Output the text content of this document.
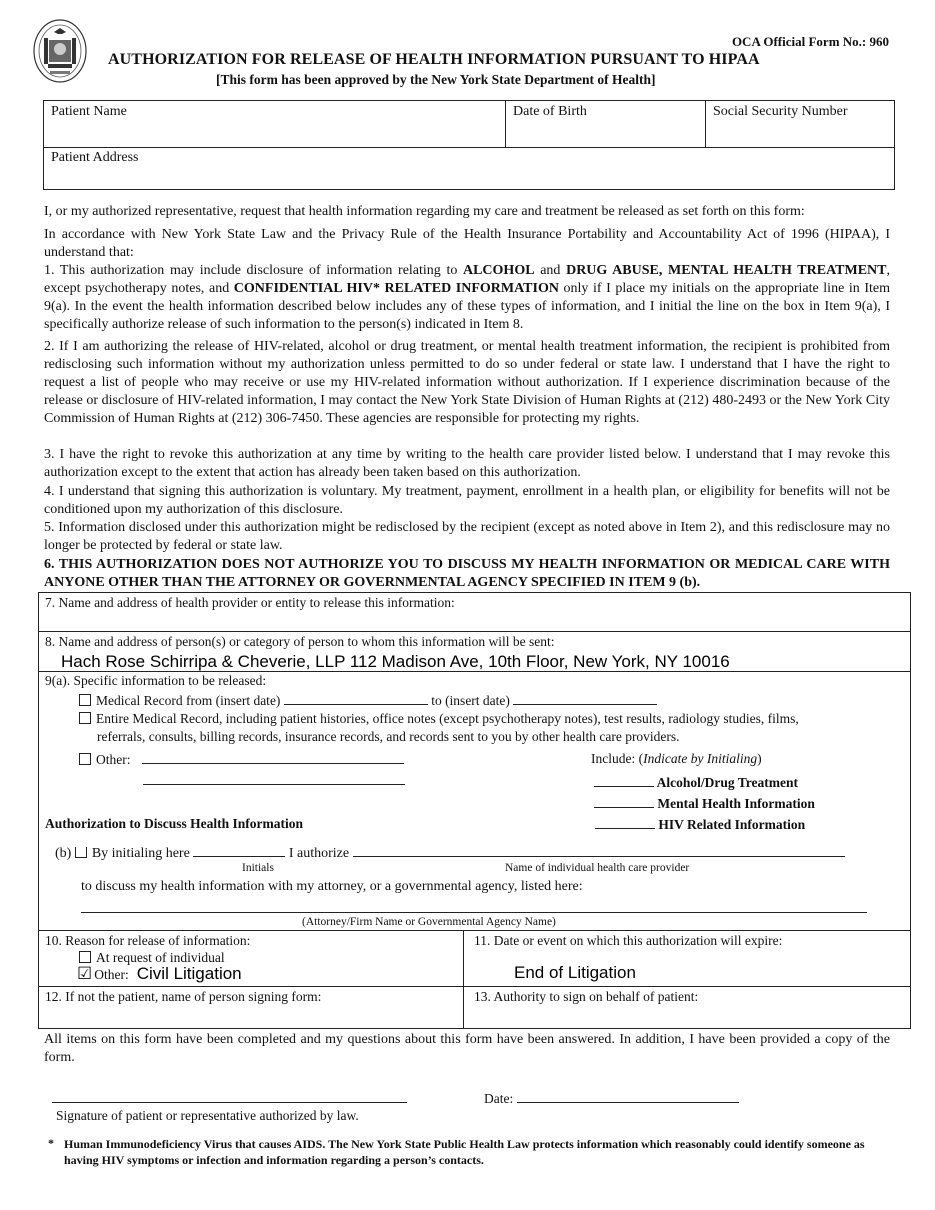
OCA Official Form No.: 960
AUTHORIZATION FOR RELEASE OF HEALTH INFORMATION PURSUANT TO HIPAA
[This form has been approved by the New York State Department of Health]
Patient Name	Date of Birth	Social Security Number
Patient Address
I, or my authorized representative, request that health information regarding my care and treatment be released as set forth on this form:
In accordance with New York State Law and the Privacy Rule of the Health Insurance Portability and Accountability Act of 1996 (HIPAA), I understand that:
1. This authorization may include disclosure of information relating to ALCOHOL and DRUG ABUSE, MENTAL HEALTH TREATMENT, except psychotherapy notes, and CONFIDENTIAL HIV* RELATED INFORMATION only if I place my initials on the appropriate line in Item 9(a). In the event the health information described below includes any of these types of information, and I initial the line on the box in Item 9(a), I specifically authorize release of such information to the person(s) indicated in Item 8.
2. If I am authorizing the release of HIV-related, alcohol or drug treatment, or mental health treatment information, the recipient is prohibited from redisclosing such information without my authorization unless permitted to do so under federal or state law. I understand that I have the right to request a list of people who may receive or use my HIV-related information without authorization. If I experience discrimination because of the release or disclosure of HIV-related information, I may contact the New York State Division of Human Rights at (212) 480-2493 or the New York City Commission of Human Rights at (212) 306-7450. These agencies are responsible for protecting my rights.
3. I have the right to revoke this authorization at any time by writing to the health care provider listed below. I understand that I may revoke this authorization except to the extent that action has already been taken based on this authorization.
4. I understand that signing this authorization is voluntary. My treatment, payment, enrollment in a health plan, or eligibility for benefits will not be conditioned upon my authorization of this disclosure.
5. Information disclosed under this authorization might be redisclosed by the recipient (except as noted above in Item 2), and this redisclosure may no longer be protected by federal or state law.
6. THIS AUTHORIZATION DOES NOT AUTHORIZE YOU TO DISCUSS MY HEALTH INFORMATION OR MEDICAL CARE WITH ANYONE OTHER THAN THE ATTORNEY OR GOVERNMENTAL AGENCY SPECIFIED IN ITEM 9 (b).
7. Name and address of health provider or entity to release this information:
8. Name and address of person(s) or category of person to whom this information will be sent:
Hach Rose Schirripa & Cheverie, LLP 112 Madison Ave, 10th Floor, New York, NY 10016
9(a). Specific information to be released:
Medical Record from (insert date)	to (insert date)
Entire Medical Record, including patient histories, office notes (except psychotherapy notes), test results, radiology studies, films,
referrals, consults, billing records, insurance records, and records sent to you by other health care providers.
Other:	Include: (Indicate by Initialing)
Alcohol/Drug Treatment
Mental Health Information
HIV Related Information
Authorization to Discuss Health Information
(b) By initialing here	I authorize
Initials	Name of individual health care provider
to discuss my health information with my attorney, or a governmental agency, listed here:
(Attorney/Firm Name or Governmental Agency Name)
10. Reason for release of information:
At request of individual
☑ Other: Civil Litigation
11. Date or event on which this authorization will expire:
End of Litigation
12. If not the patient, name of person signing form:	13. Authority to sign on behalf of patient:
All items on this form have been completed and my questions about this form have been answered. In addition, I have been provided a copy of the form.
Signature of patient or representative authorized by law.
Date:
* Human Immunodeficiency Virus that causes AIDS. The New York State Public Health Law protects information which reasonably could identify someone as having HIV symptoms or infection and information regarding a person’s contacts.
